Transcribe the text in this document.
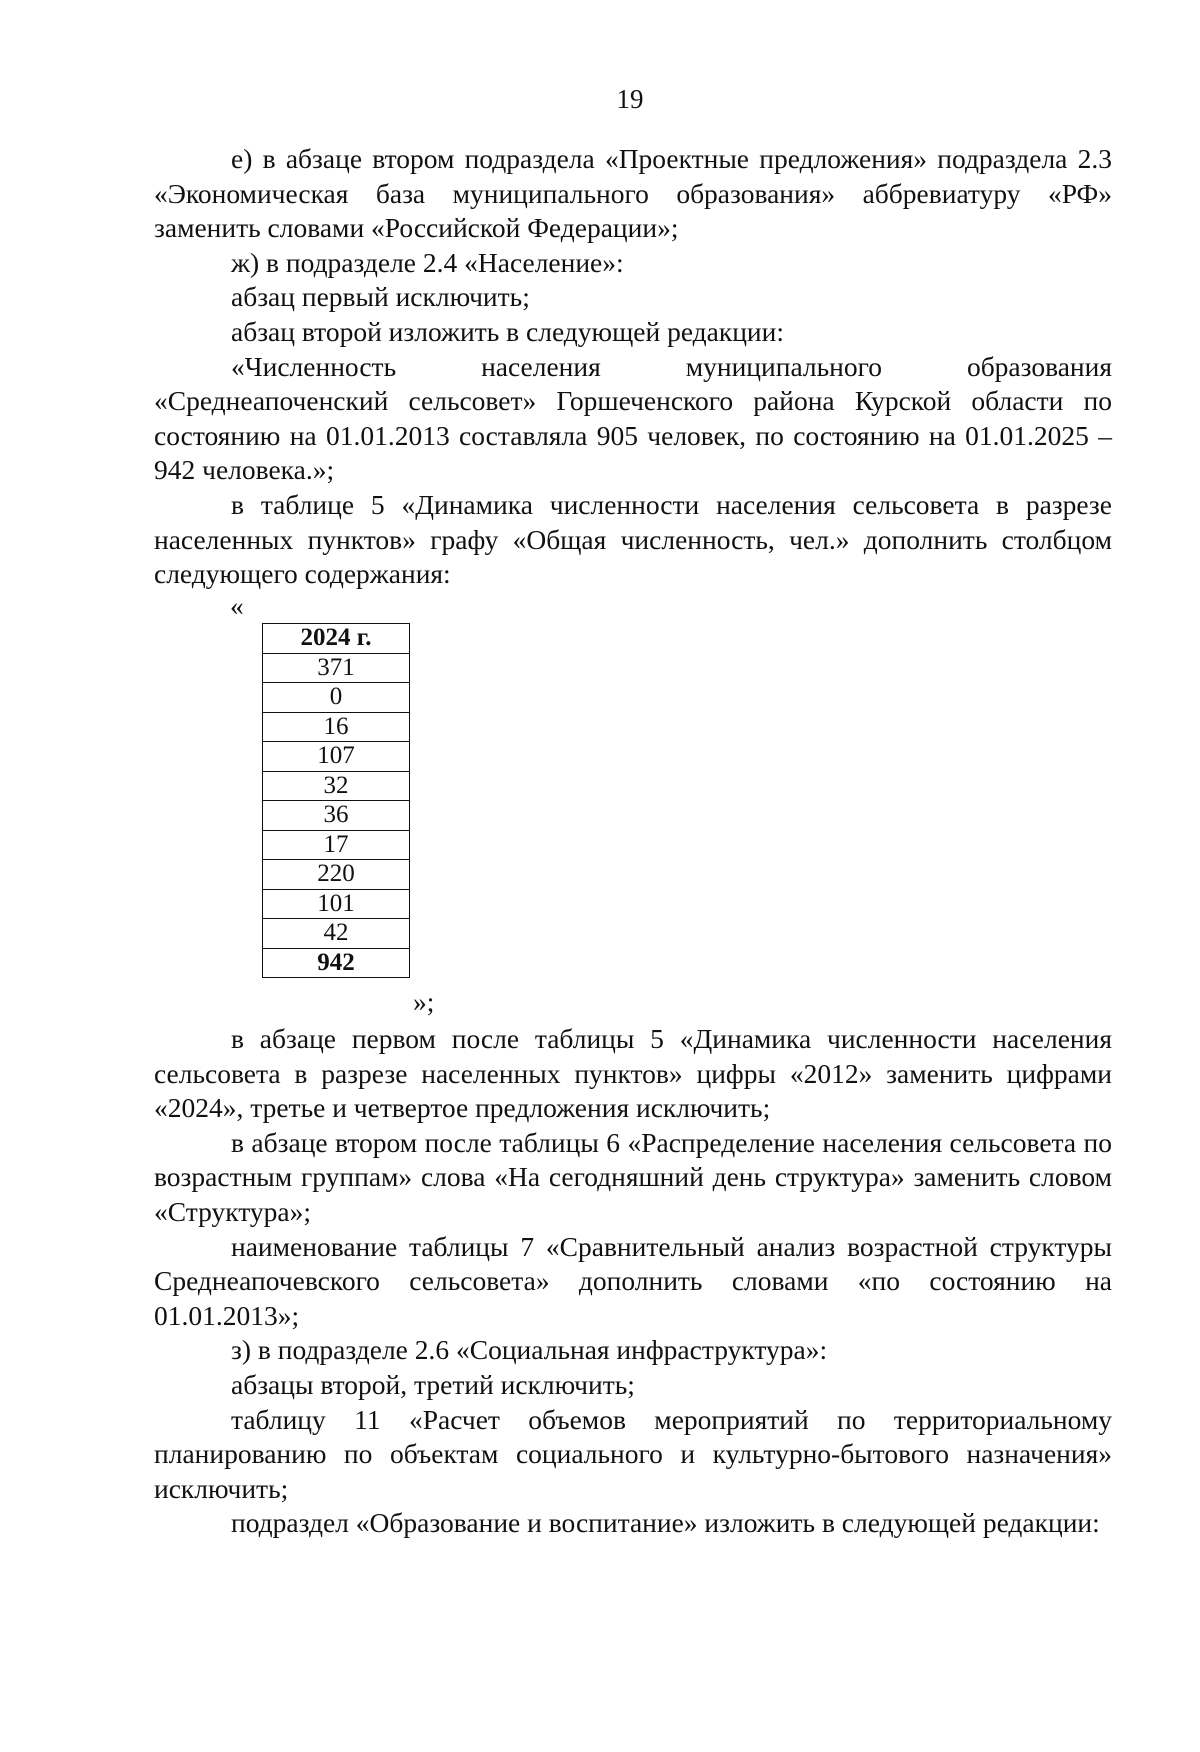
19

е) в абзаце втором подраздела «Проектные предложения» подраздела 2.3 «Экономическая база муниципального образования» аббревиатуру «РФ» заменить словами «Российской Федерации»;

ж) в подразделе 2.4 «Население»:

абзац первый исключить;

абзац второй изложить в следующей редакции:

«Численность населения муниципального образования «Среднеапоченский сельсовет» Горшеченского района Курской области по состоянию на 01.01.2013 составляла 905 человек, по состоянию на 01.01.2025 – 942 человека.»;

в таблице 5 «Динамика численности населения сельсовета в разрезе населенных пунктов» графу «Общая численность, чел.» дополнить столбцом следующего содержания:

«
2024 г.
371
0
16
107
32
36
17
220
101
42
942
»;

в абзаце первом после таблицы 5 «Динамика численности населения сельсовета в разрезе населенных пунктов» цифры «2012» заменить цифрами «2024», третье и четвертое предложения исключить;

в абзаце втором после таблицы 6 «Распределение населения сельсовета по возрастным группам» слова «На сегодняшний день структура» заменить словом «Структура»;

наименование таблицы 7 «Сравнительный анализ возрастной структуры Среднеапочевского сельсовета» дополнить словами «по состоянию на 01.01.2013»;

з) в подразделе 2.6 «Социальная инфраструктура»:

абзацы второй, третий исключить;

таблицу 11 «Расчет объемов мероприятий по территориальному планированию по объектам социального и культурно-бытового назначения» исключить;

подраздел «Образование и воспитание» изложить в следующей редакции:
